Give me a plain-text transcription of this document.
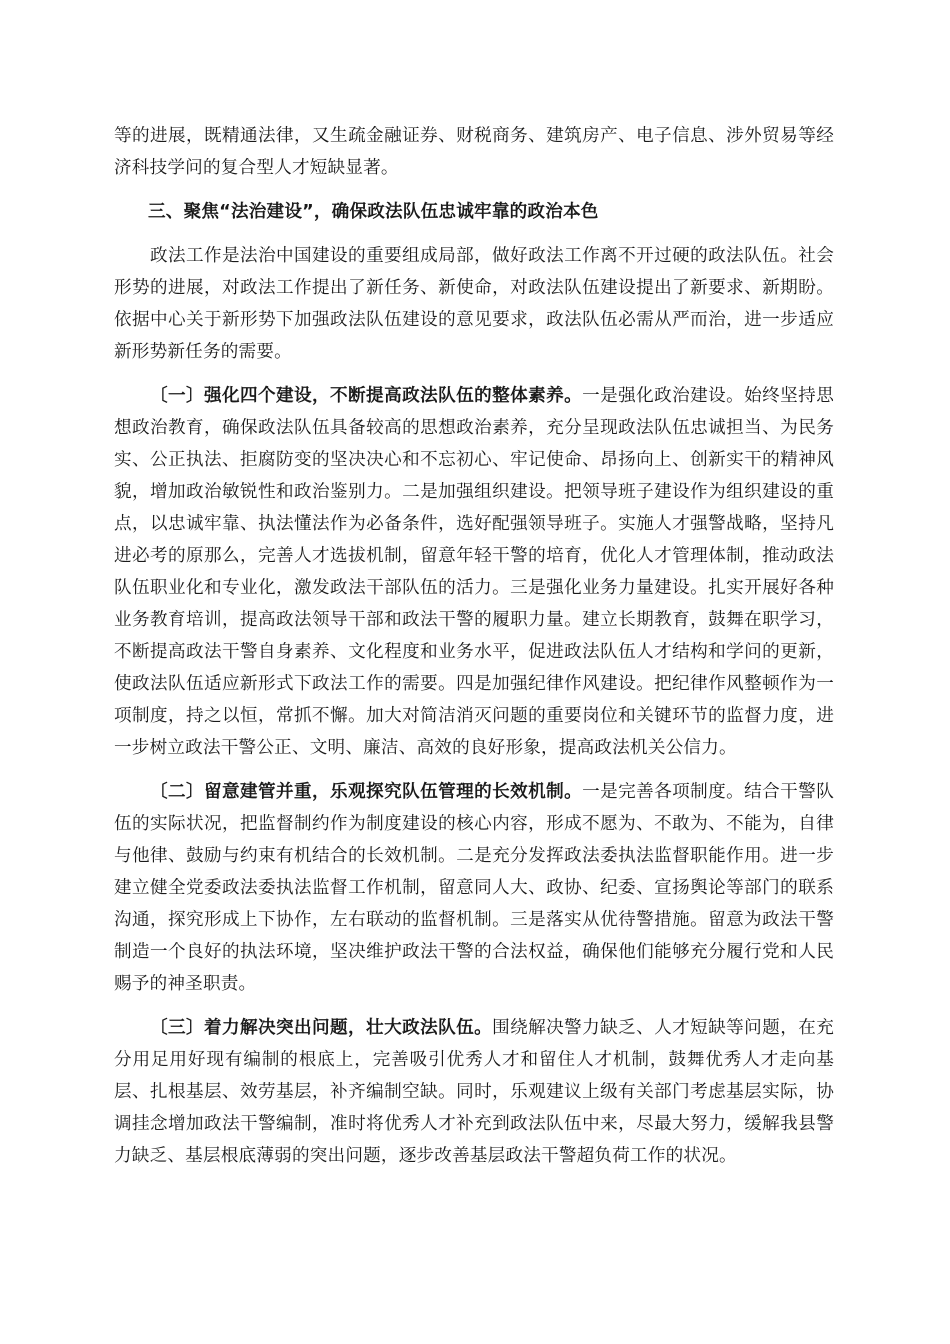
等的进展，既精通法律，又生疏金融证券、财税商务、建筑房产、电子信息、涉外贸易等经济科技学问的复合型人才短缺显著。

三、聚焦“法治建设”，确保政法队伍忠诚牢靠的政治本色

政法工作是法治中国建设的重要组成局部，做好政法工作离不开过硬的政法队伍。社会形势的进展，对政法工作提出了新任务、新使命，对政法队伍建设提出了新要求、新期盼。依据中心关于新形势下加强政法队伍建设的意见要求，政法队伍必需从严而治，进一步适应新形势新任务的需要。

〔一〕强化四个建设，不断提高政法队伍的整体素养。一是强化政治建设。始终坚持思想政治教育，确保政法队伍具备较高的思想政治素养，充分呈现政法队伍忠诚担当、为民务实、公正执法、拒腐防变的坚决决心和不忘初心、牢记使命、昂扬向上、创新实干的精神风貌，增加政治敏锐性和政治鉴别力。二是加强组织建设。把领导班子建设作为组织建设的重点，以忠诚牢靠、执法懂法作为必备条件，选好配强领导班子。实施人才强警战略，坚持凡进必考的原那么，完善人才选拔机制，留意年轻干警的培育，优化人才管理体制，推动政法队伍职业化和专业化，激发政法干部队伍的活力。三是强化业务力量建设。扎实开展好各种业务教育培训，提高政法领导干部和政法干警的履职力量。建立长期教育，鼓舞在职学习，不断提高政法干警自身素养、文化程度和业务水平，促进政法队伍人才结构和学问的更新，使政法队伍适应新形式下政法工作的需要。四是加强纪律作风建设。把纪律作风整顿作为一项制度，持之以恒，常抓不懈。加大对简洁消灭问题的重要岗位和关键环节的监督力度，进一步树立政法干警公正、文明、廉洁、高效的良好形象，提高政法机关公信力。

〔二〕留意建管并重，乐观探究队伍管理的长效机制。一是完善各项制度。结合干警队伍的实际状况，把监督制约作为制度建设的核心内容，形成不愿为、不敢为、不能为，自律与他律、鼓励与约束有机结合的长效机制。二是充分发挥政法委执法监督职能作用。进一步建立健全党委政法委执法监督工作机制，留意同人大、政协、纪委、宣扬舆论等部门的联系沟通，探究形成上下协作，左右联动的监督机制。三是落实从优待警措施。留意为政法干警制造一个良好的执法环境，坚决维护政法干警的合法权益，确保他们能够充分履行党和人民赐予的神圣职责。

〔三〕着力解决突出问题，壮大政法队伍。围绕解决警力缺乏、人才短缺等问题，在充分用足用好现有编制的根底上，完善吸引优秀人才和留住人才机制，鼓舞优秀人才走向基层、扎根基层、效劳基层，补齐编制空缺。同时，乐观建议上级有关部门考虑基层实际，协调挂念增加政法干警编制，准时将优秀人才补充到政法队伍中来，尽最大努力，缓解我县警力缺乏、基层根底薄弱的突出问题，逐步改善基层政法干警超负荷工作的状况。
